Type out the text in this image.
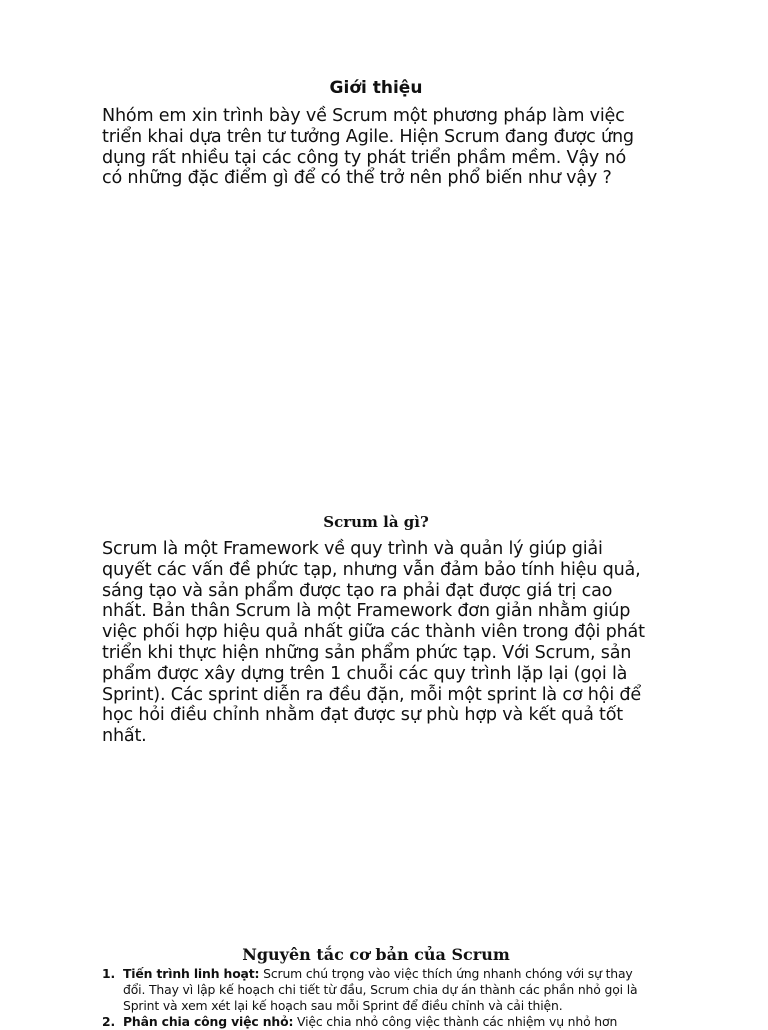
Giới thiệu

Nhóm em xin trình bày về Scrum một phương pháp làm việc triển khai dựa trên tư tưởng Agile. Hiện Scrum đang được ứng dụng rất nhiều tại các công ty phát triển phầm mềm. Vậy nó có những đặc điểm gì để có thể trở nên phổ biến như vậy ?

Scrum là gì?

Scrum là một Framework về quy trình và quản lý giúp giải quyết các vấn đề phức tạp, nhưng vẫn đảm bảo tính hiệu quả, sáng tạo và sản phẩm được tạo ra phải đạt được giá trị cao nhất. Bản thân Scrum là một Framework đơn giản nhằm giúp việc phối hợp hiệu quả nhất giữa các thành viên trong đội phát triển khi thực hiện những sản phẩm phức tạp. Với Scrum, sản phẩm được xây dựng trên 1 chuỗi các quy trình lặp lại (gọi là Sprint). Các sprint diễn ra đều đặn, mỗi một sprint là cơ hội để học hỏi điều chỉnh nhằm đạt được sự phù hợp và kết quả tốt nhất.

Nguyên tắc cơ bản của Scrum
1. Tiến trình linh hoạt: Scrum chú trọng vào việc thích ứng nhanh chóng với sự thay đổi. Thay vì lập kế hoạch chi tiết từ đầu, Scrum chia dự án thành các phần nhỏ gọi là Sprint và xem xét lại kế hoạch sau mỗi Sprint để điều chỉnh và cải thiện.
2. Phân chia công việc nhỏ: Việc chia nhỏ công việc thành các nhiệm vụ nhỏ hơn
